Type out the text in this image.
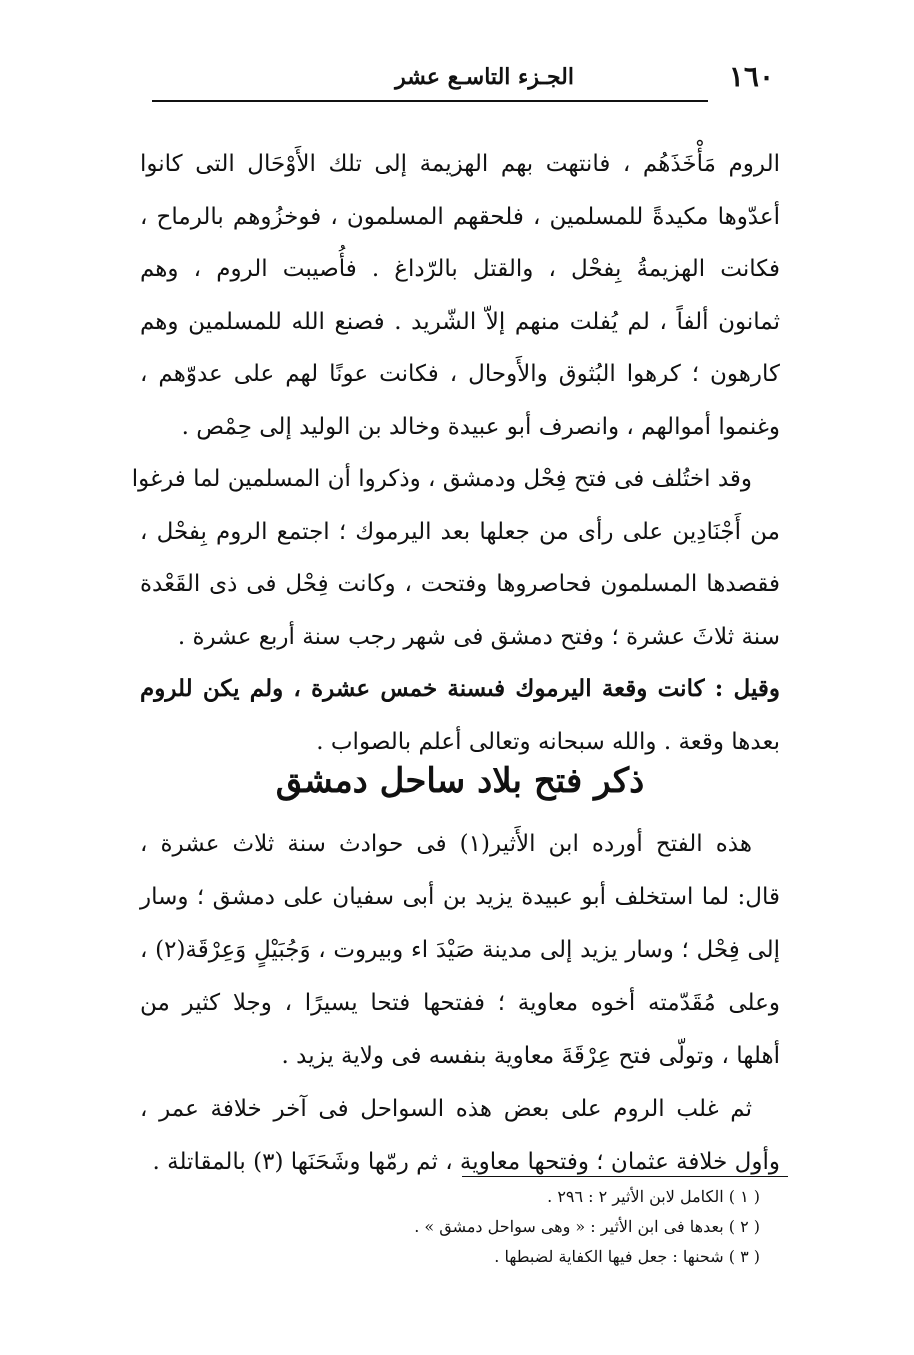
١٦٠
الجـزء التاسـع عشر
الروم مَأْخَذَهُم ، فانتهت بهم الهزيمة إلى تلك الأَوْحَال التى كانوا
أعدّوها مكيدةً للمسلمين ، فلحقهم المسلمون ، فوخزُوهم بالرماح ،
فكانت الهزيمةُ بِفحْل ، والقتل بالرّداغ . فأُصيبت الروم ، وهم
ثمانون ألفاً ، لم يُفلت منهم إلاّ الشّريد . فصنع الله للمسلمين وهم
كارهون ؛ كرهوا البُثوق والأَوحال ، فكانت عونًا لهم على عدوّهم ،
وغنموا أموالهم ، وانصرف أبو عبيدة وخالد بن الوليد إلى حِمْص .
وقد اختُلف فى فتح فِحْل ودمشق ، وذكروا أن المسلمين لما فرغوا
من أَجْنَادِين على رأى من جعلها بعد اليرموك ؛ اجتمع الروم بِفحْل ،
فقصدها المسلمون فحاصروها وفتحت ، وكانت فِحْل فى ذى القَعْدة
سنة ثلاثَ عشرة ؛ وفتح دمشق فى شهر رجب سنة أربع عشرة .
وقيل : كانت وقعة اليرموك فىسنة خمس عشرة ، ولم يكن للروم
بعدها وقعة . والله سبحانه وتعالى أعلم بالصواب .
ذكر فتح بلاد ساحل دمشق
هذه الفتح أورده ابن الأَثير(١) فى حوادث سنة ثلاث عشرة ،
قال: لما استخلف أبو عبيدة يزيد بن أبى سفيان على دمشق ؛ وسار
إلى فِحْل ؛ وسار يزيد إلى مدينة صَيْدَ اء وبيروت ، وَجُبَيْلٍ وَعِرْقَة(٢) ،
وعلى مُقَدّمته أخوه معاوية ؛ ففتحها فتحا يسيرًا ، وجلا كثير من
أهلها ، وتولّى فتح عِرْقَةَ معاوية بنفسه فى ولاية يزيد .
ثم غلب الروم على بعض هذه السواحل فى آخر خلافة عمر ،
وأول خلافة عثمان ؛ وفتحها معاوية ، ثم رمّها وشَحَنَها (٣) بالمقاتلة .
( ١ ) الكامل لابن الأثير ٢ : ٢٩٦ .
( ٢ ) بعدها فى ابن الأثير : « وهى سواحل دمشق » .
( ٣ ) شحنها : جعل فيها الكفاية لضبطها .
